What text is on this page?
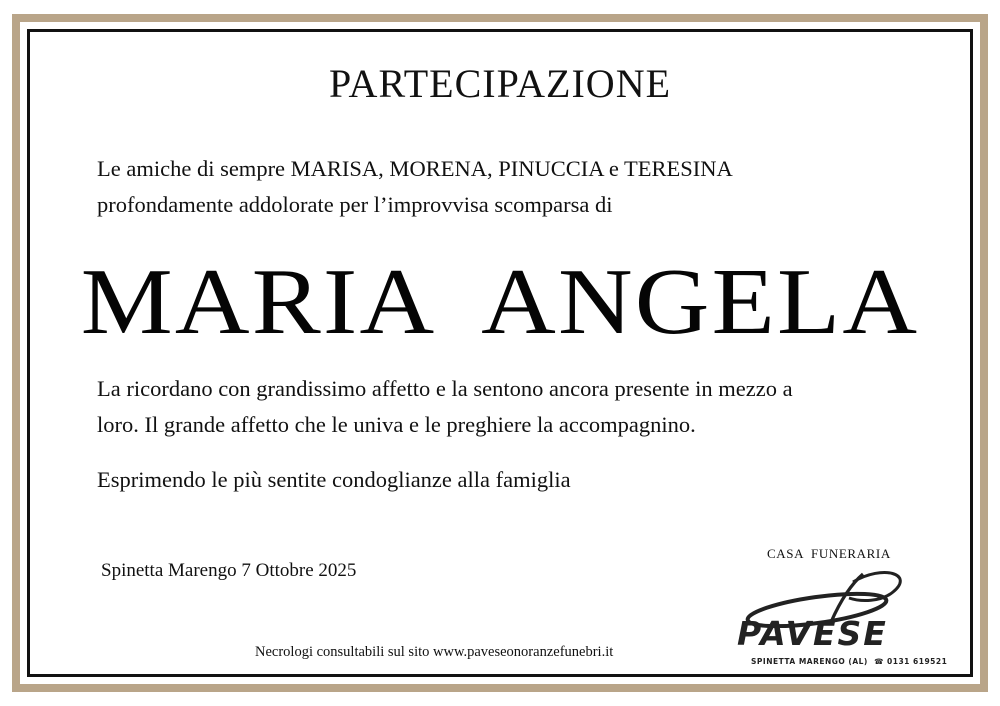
PARTECIPAZIONE
Le amiche di sempre MARISA, MORENA, PINUCCIA e TERESINA
profondamente addolorate per l’improvvisa scomparsa di
MARIA  ANGELA
La ricordano con grandissimo affetto e la sentono ancora presente in mezzo a
loro. Il grande affetto che le univa e le preghiere la accompagnino.
Esprimendo le più sentite condoglianze alla famiglia
Spinetta Marengo 7 Ottobre 2025
CASA  FUNERARIA
PAVESE
SPINETTA MARENGO (AL)  ☎ 0131 619521
Necrologi consultabili sul sito www.paveseonoranzefunebri.it
